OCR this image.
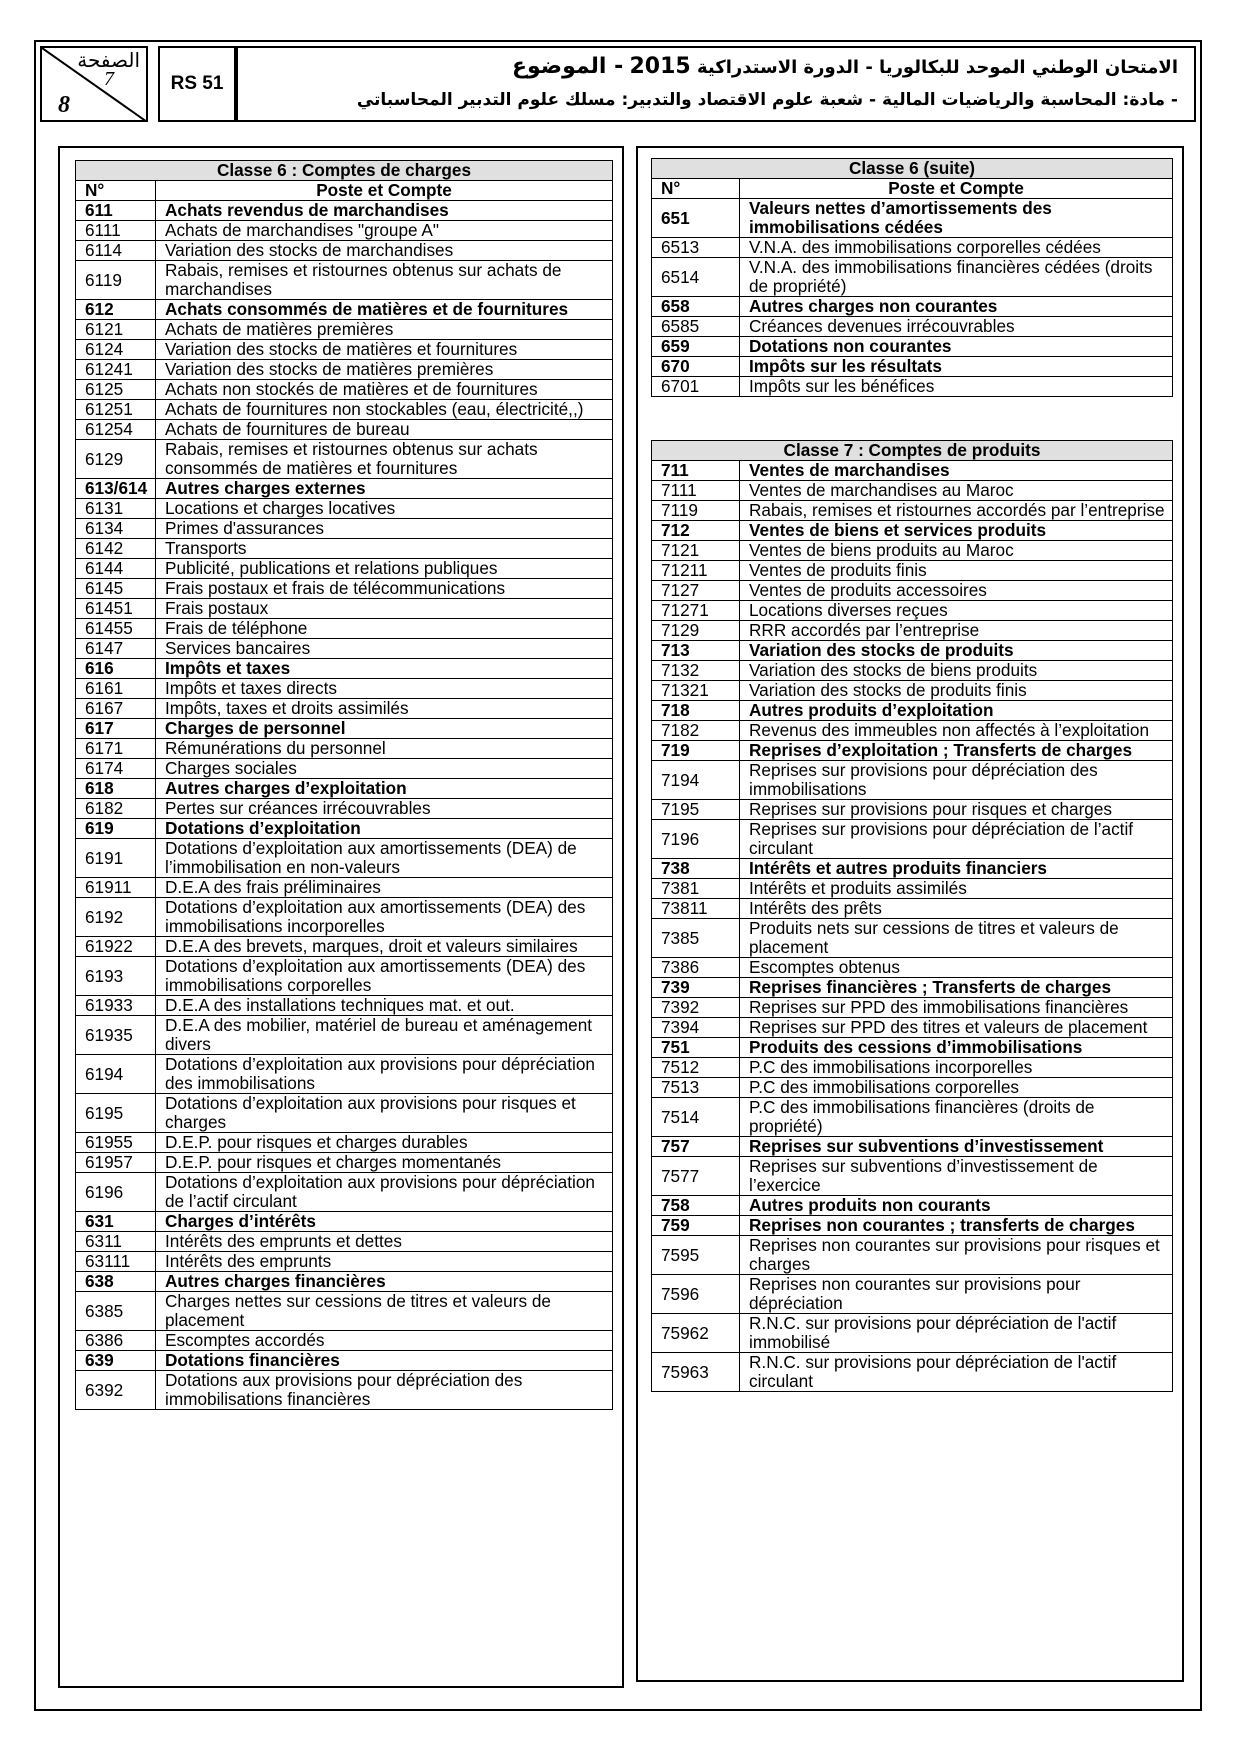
الصفحة
7
8
RS 51
الامتحان الوطني الموحد للبكالوريا - الدورة الاستدراكية 2015 - الموضوع
- مادة: المحاسبة والرياضيات المالية - شعبة علوم الاقتصاد والتدبير: مسلك علوم التدبير المحاسباتي
Classe 6 : Comptes de charges	
N°	Poste et Compte
611	Achats revendus de marchandises
6111	Achats de marchandises "groupe A"
6114	Variation des stocks de marchandises
6119	Rabais, remises et ristournes obtenus sur achats de marchandises
612	Achats consommés de matières et de fournitures
6121	Achats de matières premières
6124	Variation des stocks de matières et fournitures
61241	Variation des stocks de matières premières
6125	Achats non stockés de matières et de fournitures
61251	Achats de fournitures non stockables (eau, électricité,,)
61254	Achats de fournitures de bureau
6129	Rabais, remises et ristournes obtenus sur achats consommés de matières et fournitures
613/614	Autres charges externes
6131	Locations et charges locatives
6134	Primes d'assurances
6142	Transports
6144	Publicité, publications et relations publiques
6145	Frais postaux et frais de télécommunications
61451	Frais postaux
61455	Frais de téléphone
6147	Services bancaires
616	Impôts et taxes
6161	Impôts et taxes directs
6167	Impôts, taxes et droits assimilés
617	Charges de personnel
6171	Rémunérations du personnel
6174	Charges sociales
618	Autres charges d’exploitation
6182	Pertes sur créances irrécouvrables
619	Dotations d’exploitation
6191	Dotations d’exploitation aux amortissements (DEA) de l’immobilisation en non-valeurs
61911	D.E.A des frais préliminaires
6192	Dotations d’exploitation aux amortissements (DEA) des immobilisations incorporelles
61922	D.E.A des brevets, marques, droit et valeurs similaires
6193	Dotations d’exploitation aux amortissements (DEA) des immobilisations corporelles
61933	D.E.A des installations techniques mat. et out.
61935	D.E.A des mobilier, matériel de bureau et aménagement divers
6194	Dotations d’exploitation aux provisions pour dépréciation des immobilisations
6195	Dotations d’exploitation aux provisions pour risques et charges
61955	D.E.P. pour risques et charges durables
61957	D.E.P. pour risques et charges momentanés
6196	Dotations d’exploitation aux provisions pour dépréciation de l’actif circulant
631	Charges d’intérêts
6311	Intérêts des emprunts et dettes
63111	Intérêts des emprunts
638	Autres charges financières
6385	Charges nettes sur cessions de titres et valeurs de placement
6386	Escomptes accordés
639	Dotations financières
6392	Dotations aux provisions pour dépréciation des immobilisations financières
Classe 6 (suite)	
N°	Poste et Compte
651	Valeurs nettes d’amortissements des immobilisations cédées
6513	V.N.A. des immobilisations corporelles cédées
6514	V.N.A. des immobilisations financières cédées (droits de propriété)
658	Autres charges non courantes
6585	Créances devenues irrécouvrables
659	Dotations non courantes
670	Impôts sur les résultats
6701	Impôts sur les bénéfices
Classe 7 : Comptes de produits	
711	Ventes de marchandises
7111	Ventes de marchandises au Maroc
7119	Rabais, remises et ristournes accordés par l’entreprise
712	Ventes de biens et services produits
7121	Ventes de biens produits au Maroc
71211	Ventes de produits finis
7127	Ventes de produits accessoires
71271	Locations diverses reçues
7129	RRR accordés par l’entreprise
713	Variation des stocks de produits
7132	Variation des stocks de biens produits
71321	Variation des stocks de produits finis
718	Autres produits d’exploitation
7182	Revenus des immeubles non affectés à l’exploitation
719	Reprises d’exploitation ; Transferts de charges
7194	Reprises sur provisions pour dépréciation des immobilisations
7195	Reprises sur provisions pour risques et charges
7196	Reprises sur provisions pour dépréciation de l’actif circulant
738	Intérêts et autres produits financiers
7381	Intérêts et produits assimilés
73811	Intérêts des prêts
7385	Produits nets sur cessions de titres et valeurs de placement
7386	Escomptes obtenus
739	Reprises financières ; Transferts de charges
7392	Reprises sur PPD des immobilisations financières
7394	Reprises sur PPD des titres et valeurs de placement
751	Produits des cessions d’immobilisations
7512	P.C des immobilisations incorporelles
7513	P.C des immobilisations corporelles
7514	P.C des immobilisations financières (droits de propriété)
757	Reprises sur subventions d’investissement
7577	Reprises sur subventions d’investissement de l’exercice
758	Autres produits non courants
759	Reprises non courantes ; transferts de charges
7595	Reprises non courantes sur provisions pour risques et charges
7596	Reprises non courantes sur provisions pour dépréciation
75962	R.N.C. sur provisions pour dépréciation de l'actif immobilisé
75963	R.N.C. sur provisions pour dépréciation de l'actif circulant
